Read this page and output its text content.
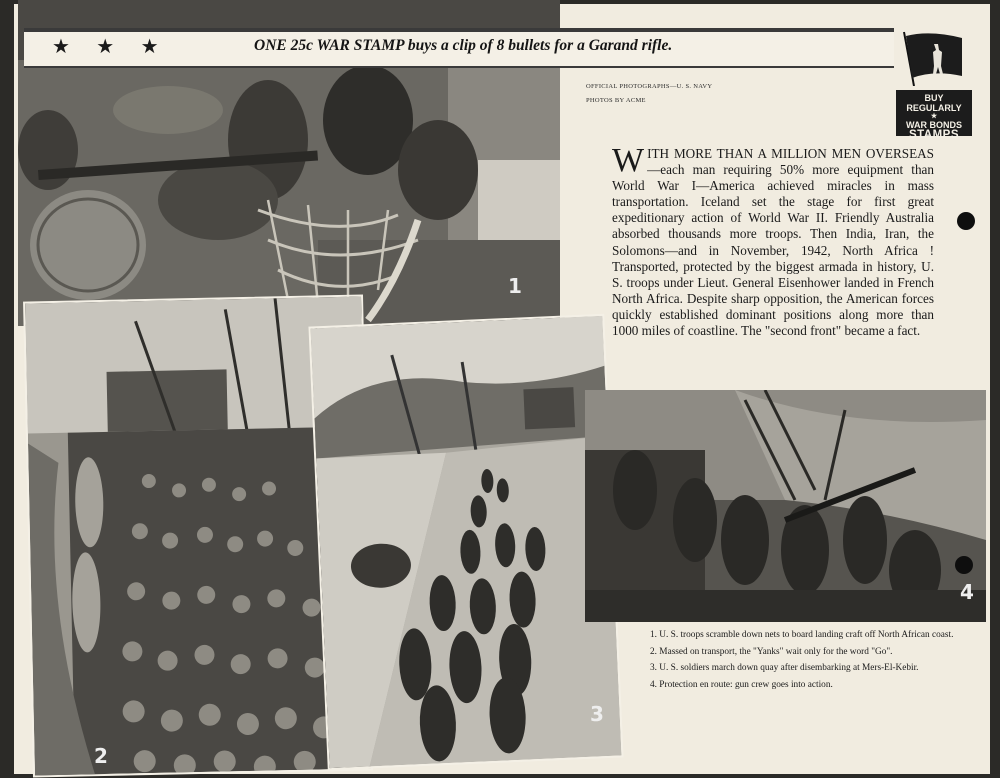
1
★ ★ ★	ONE 25c WAR STAMP buys a clip of 8 bullets for a Garand rifle.
OFFICIAL PHOTOGRAPHS—U. S. NAVY
PHOTOS BY ACME	BUY REGULARLY
★
WAR BONDS
STAMPS
WITH MORE THAN A MILLION MEN OVERSEAS—each man requiring 50% more equipment than World War I—America achieved miracles in mass transportation. Iceland set the stage for first great expeditionary action of World War II. Friendly Australia absorbed thousands more troops. Then India, Iran, the Solomons—and in November, 1942, North Africa ! Transported, protected by the biggest armada in history, U. S. troops under Lieut. General Eisenhower landed in French North Africa. Despite sharp opposition, the American forces quickly established dominant positions along more than 1000 miles of coastline. The "second front" became a fact.
2
3
4
1. U. S. troops scramble down nets to board landing craft off North African coast.
2. Massed on transport, the "Yanks" wait only for the word "Go".
3. U. S. soldiers march down quay after disembarking at Mers-El-Kebir.
4. Protection en route: gun crew goes into action.
